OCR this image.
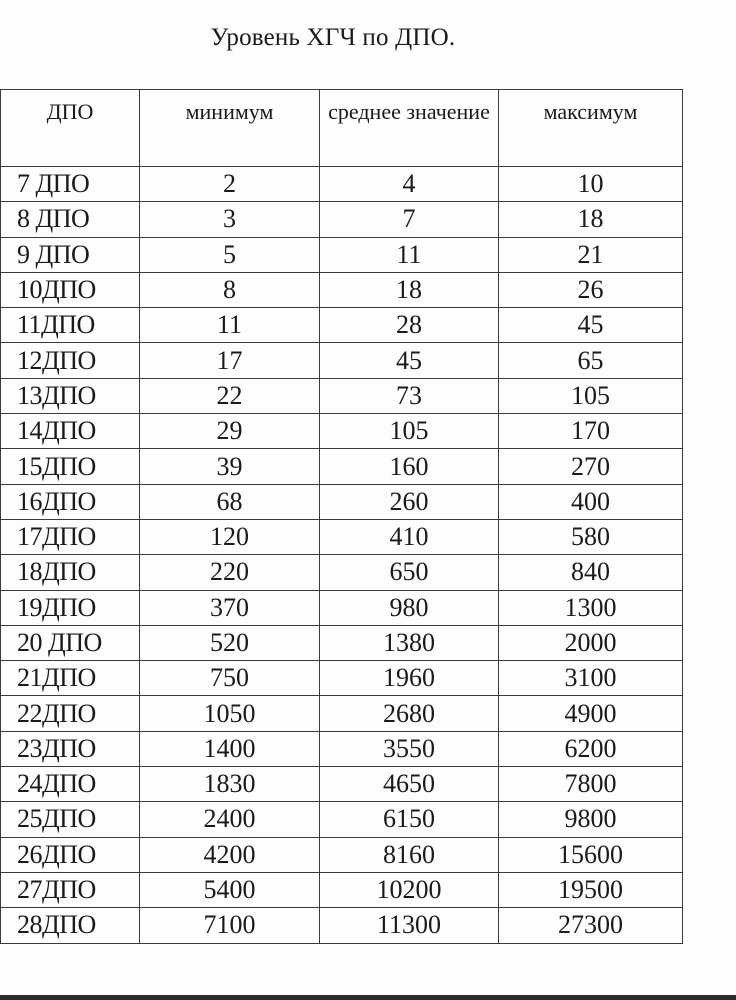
Уровень ХГЧ по ДПО.
ДПО	минимум	среднее значение	максимум
7 ДПО	2	4	10
8 ДПО	3	7	18
9 ДПО	5	11	21
10ДПО	8	18	26
11ДПО	11	28	45
12ДПО	17	45	65
13ДПО	22	73	105
14ДПО	29	105	170
15ДПО	39	160	270
16ДПО	68	260	400
17ДПО	120	410	580
18ДПО	220	650	840
19ДПО	370	980	1300
20 ДПО	520	1380	2000
21ДПО	750	1960	3100
22ДПО	1050	2680	4900
23ДПО	1400	3550	6200
24ДПО	1830	4650	7800
25ДПО	2400	6150	9800
26ДПО	4200	8160	15600
27ДПО	5400	10200	19500
28ДПО	7100	11300	27300
